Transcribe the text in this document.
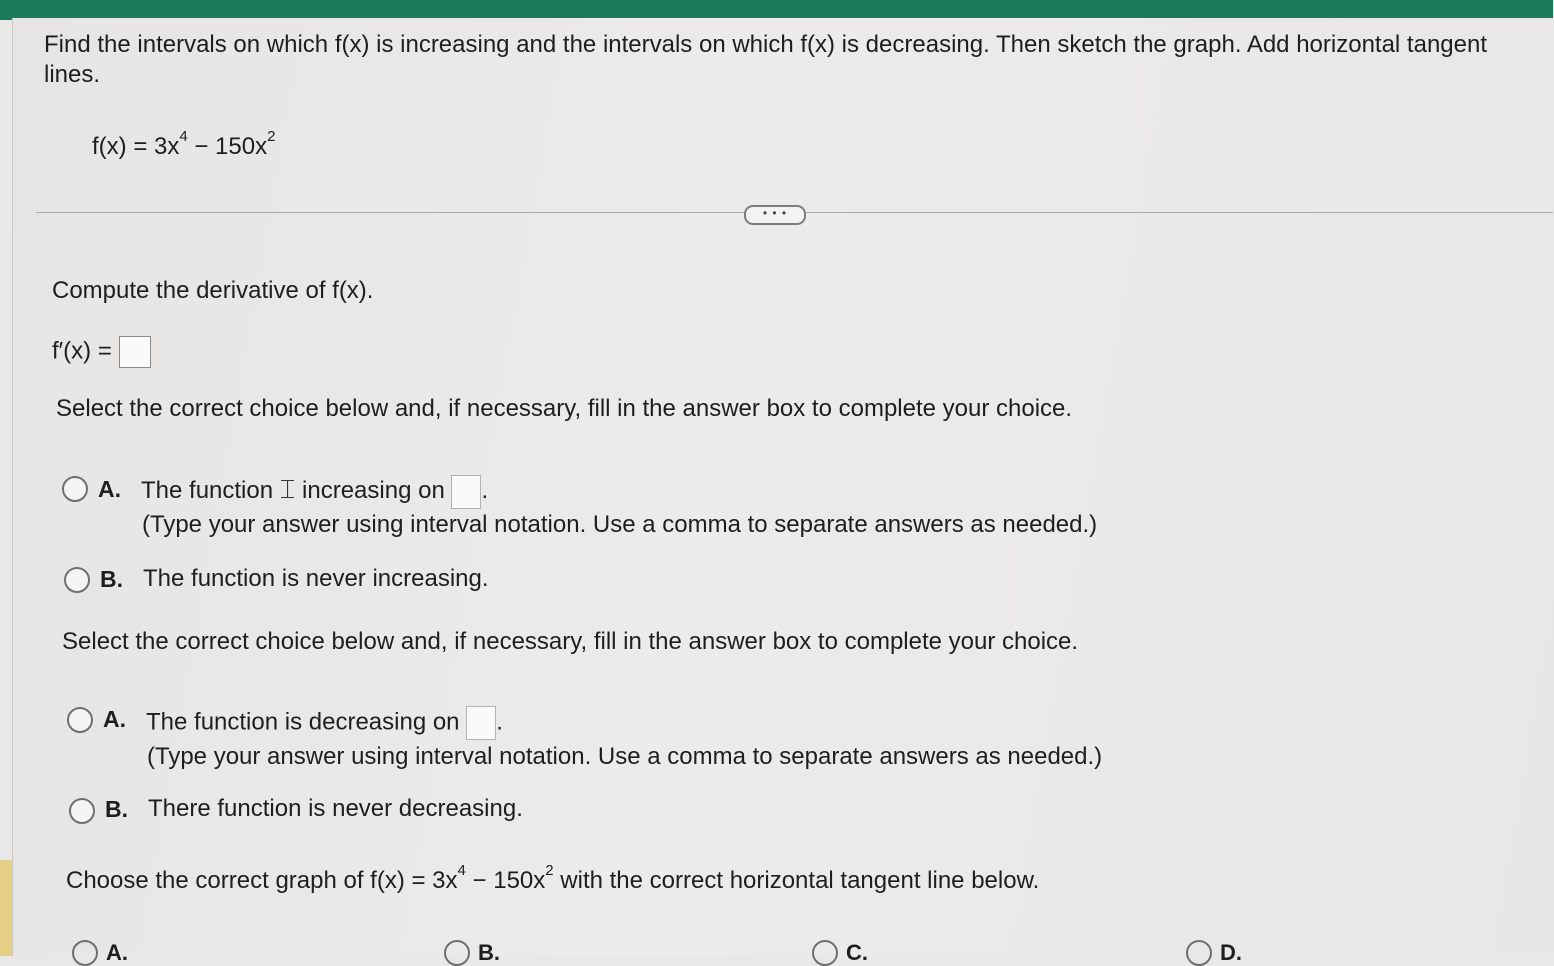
Find the intervals on which f(x) is increasing and the intervals on which f(x) is decreasing. Then sketch the graph. Add horizontal tangent lines.
$f(x) = 3x^4 - 150x^2$
• • •
Compute the derivative of f(x).
f′(x) =
Select the correct choice below and, if necessary, fill in the answer box to complete your choice.
A. The function ⌶ increasing on .
(Type your answer using interval notation. Use a comma to separate answers as needed.)
B. The function is never increasing.
Select the correct choice below and, if necessary, fill in the answer box to complete your choice.
A. The function is decreasing on .
(Type your answer using interval notation. Use a comma to separate answers as needed.)
B. There function is never decreasing.
Choose the correct graph of $f(x) = 3x^4 - 150x^2$ with the correct horizontal tangent line below.
A.	B.	C.	D.
